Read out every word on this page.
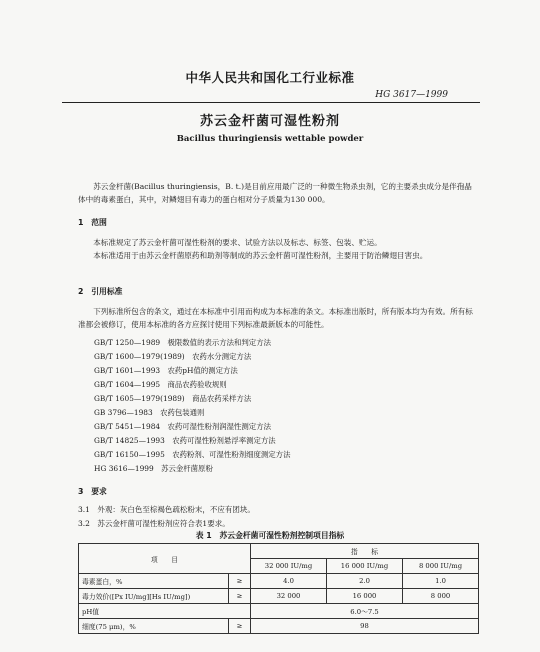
中华人民共和国化工行业标准
HG 3617—1999
苏云金杆菌可湿性粉剂
Bacillus thuringiensis wettable powder
苏云金杆菌(Bacillus thuringiensis，B. t.)是目前应用最广泛的一种微生物杀虫剂，它的主要杀虫成分是伴孢晶体中的毒素蛋白，其中，对鳞翅目有毒力的蛋白相对分子质量为130 000。
1　范围
本标准规定了苏云金杆菌可湿性粉剂的要求、试验方法以及标志、标签、包装、贮运。
本标准适用于由苏云金杆菌原药和助剂等制成的苏云金杆菌可湿性粉剂，主要用于防治鳞翅目害虫。
2　引用标准
下列标准所包含的条文，通过在本标准中引用而构成为本标准的条文。本标准出版时，所有版本均为有效。所有标准都会被修订，使用本标准的各方应探讨使用下列标准最新版本的可能性。
GB/T 1250—1989　极限数值的表示方法和判定方法
GB/T 1600—1979(1989)　农药水分测定方法
GB/T 1601—1993　农药pH值的测定方法
GB/T 1604—1995　商品农药验收规则
GB/T 1605—1979(1989)　商品农药采样方法
GB 3796—1983　农药包装通则
GB/T 5451—1984　农药可湿性粉剂润湿性测定方法
GB/T 14825—1993　农药可湿性粉剂悬浮率测定方法
GB/T 16150—1995　农药粉剂、可湿性粉剂细度测定方法
HG 3616—1999　苏云金杆菌原粉
3　要求
3.1　外观：灰白色至棕褐色疏松粉末，不应有团块。
3.2　苏云金杆菌可湿性粉剂应符合表1要求。
表 1　苏云金杆菌可湿性粉剂控制项目指标
项　　目		指　　标		
		32 000 IU/mg	16 000 IU/mg	8 000 IU/mg
毒素蛋白，%	≥	4.0	2.0	1.0
毒力效价([Px IU/mg][Hs IU/mg])	≥	32 000	16 000	8 000
pH值		6.0～7.5		
细度(75 μm)，%	≥	98		
